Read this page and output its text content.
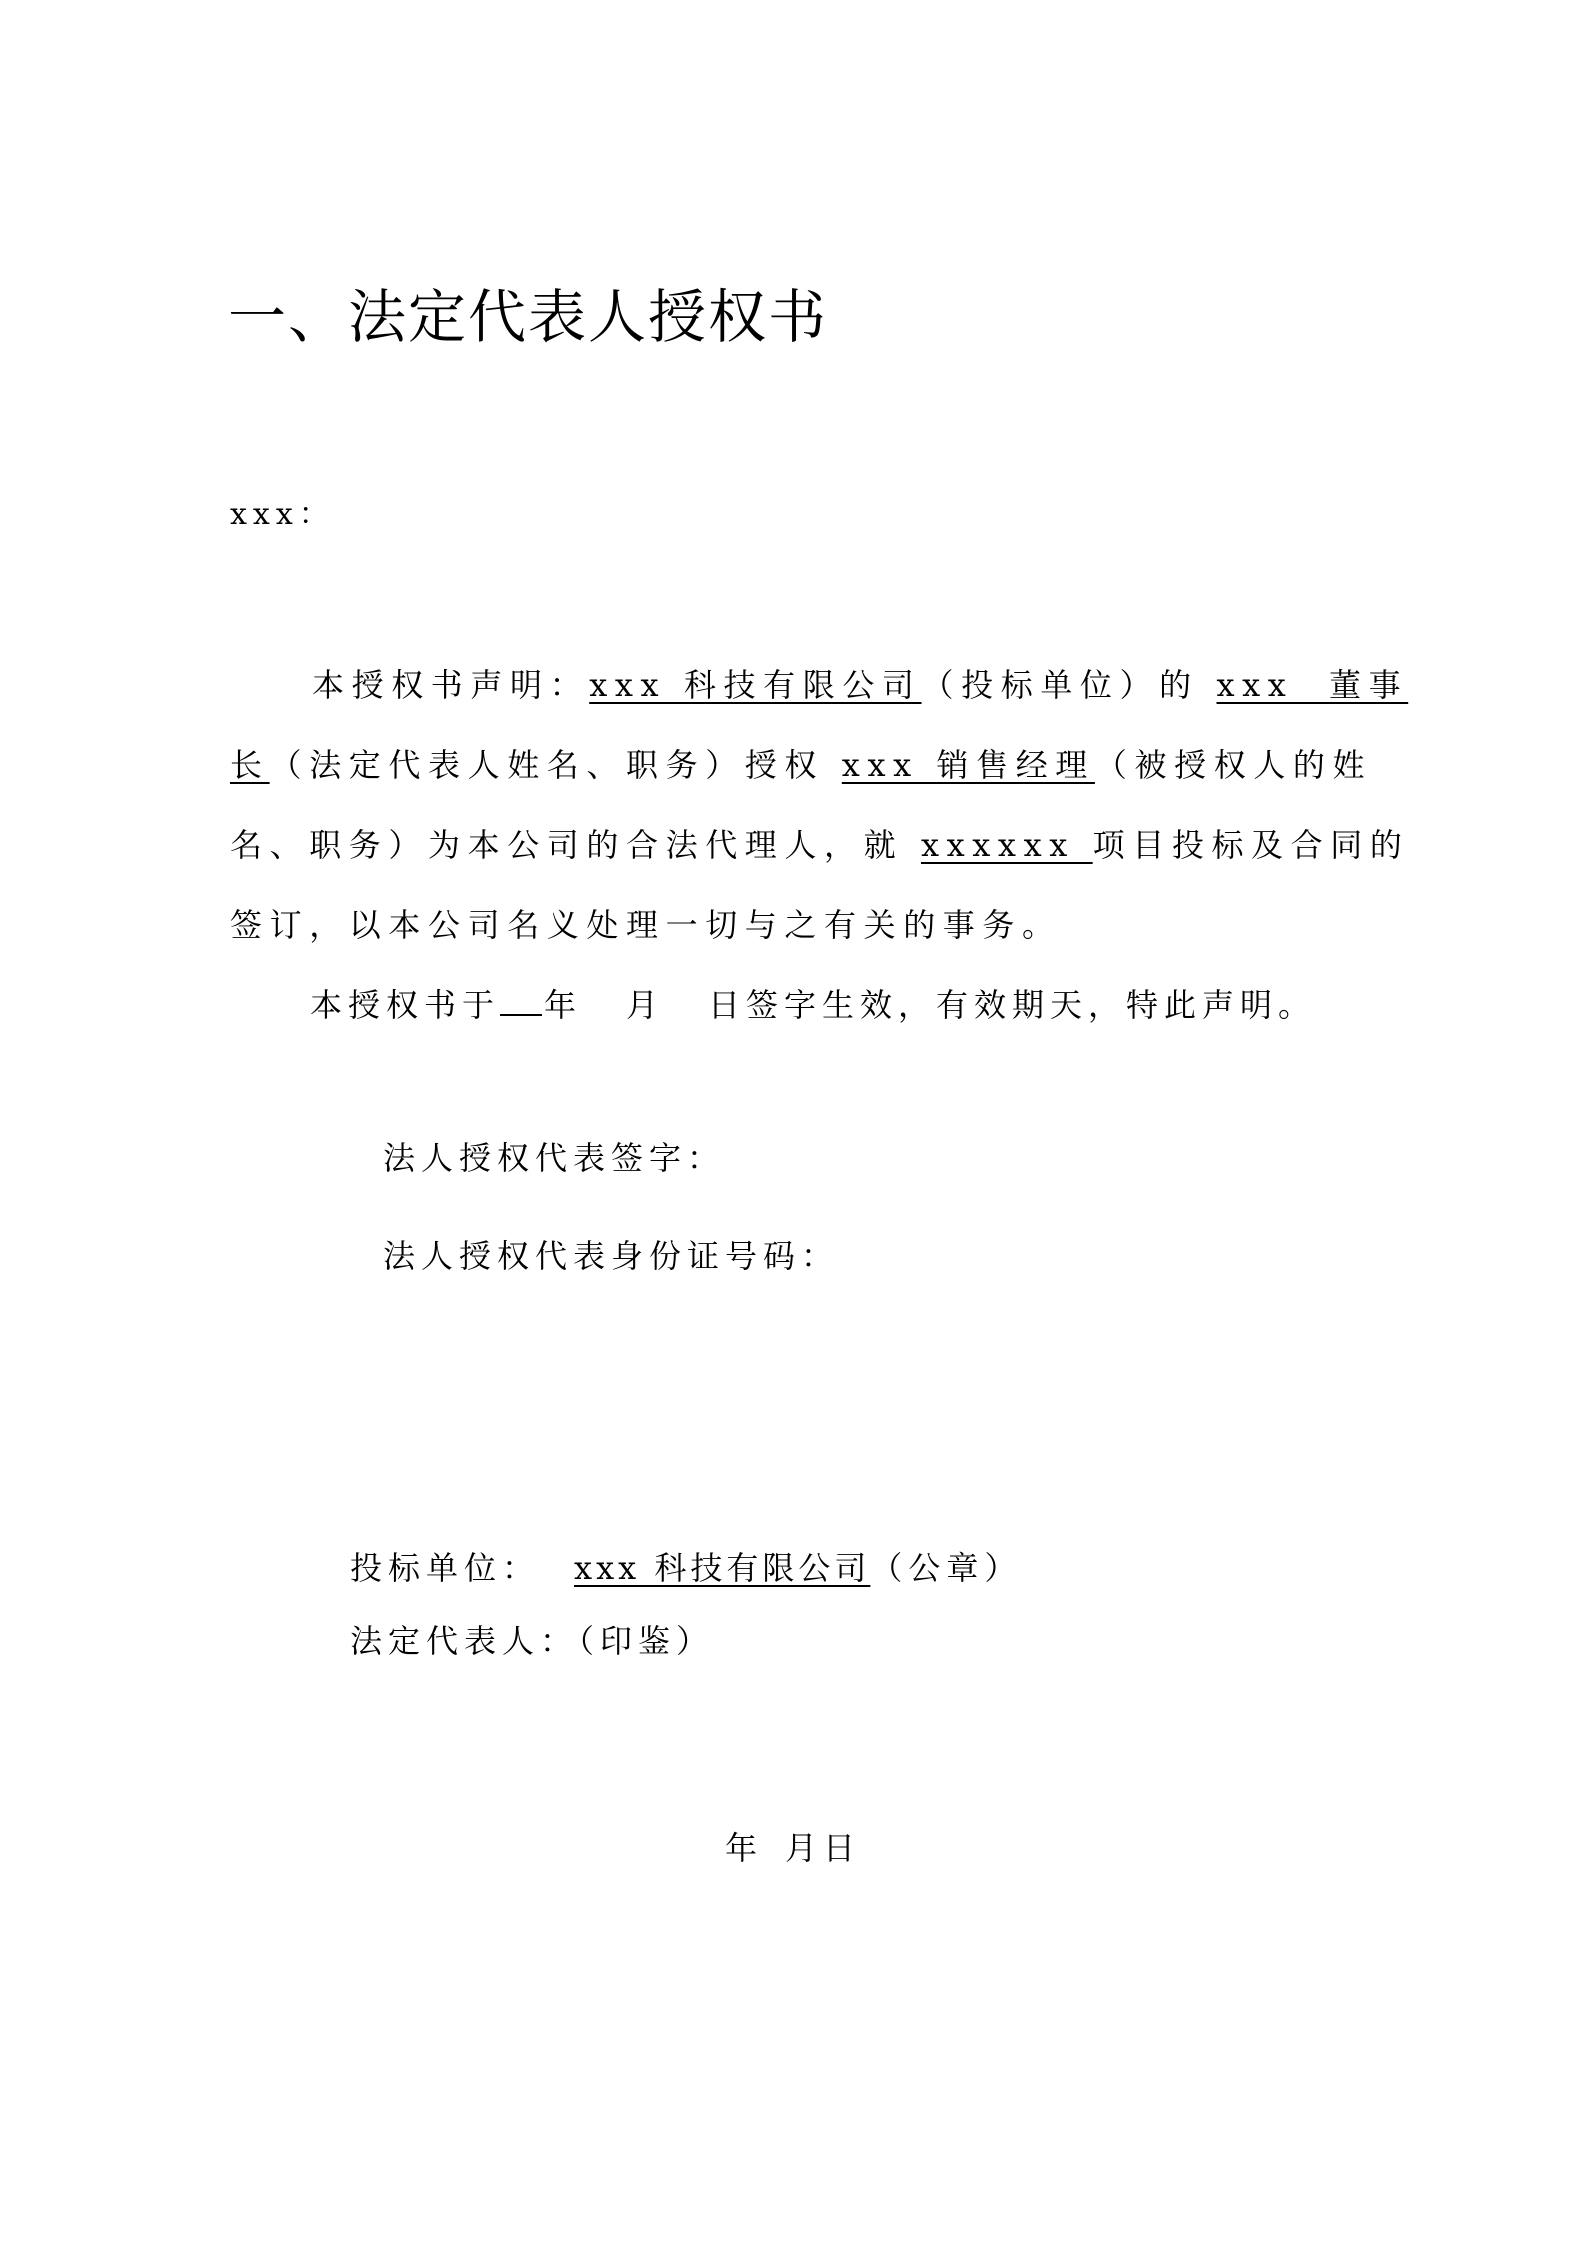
一、法定代表人授权书
xxx：
本授权书声明：xxx 科技有限公司（投标单位）的 xxx  董事
长（法定代表人姓名、职务）授权 xxx 销售经理（被授权人的姓
名、职务）为本公司的合法代理人，就 xxxxxx 项目投标及合同的
签订，以本公司名义处理一切与之有关的事务。
本授权书于 年 月 日签字生效，有效期天，特此声明。
法人授权代表签字：
法人授权代表身份证号码：
投标单位： xxx 科技有限公司（公章）
法定代表人：（印鉴）
年 月日
